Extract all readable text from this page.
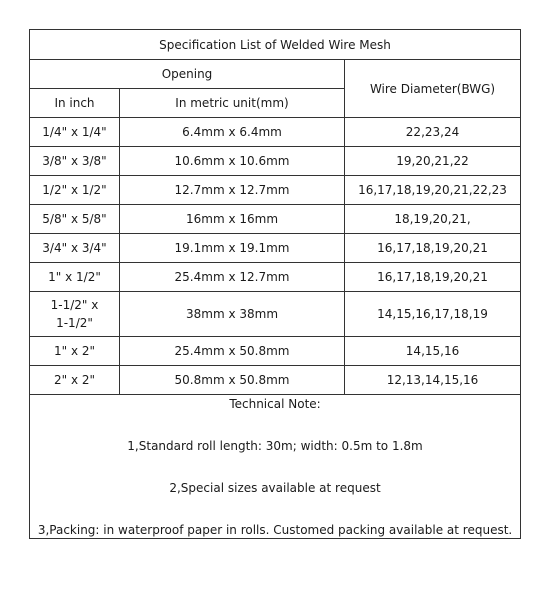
Specification List of Welded Wire Mesh		
Opening		Wire Diameter(BWG)
In inch	In metric unit(mm)	
1/4" x 1/4"	6.4mm x 6.4mm	22,23,24
3/8" x 3/8"	10.6mm x 10.6mm	19,20,21,22
1/2" x 1/2"	12.7mm x 12.7mm	16,17,18,19,20,21,22,23
5/8" x 5/8"	16mm x 16mm	18,19,20,21,
3/4" x 3/4"	19.1mm x 19.1mm	16,17,18,19,20,21
1" x 1/2"	25.4mm x 12.7mm	16,17,18,19,20,21

1-1/2" x
1-1/2"	38mm x 38mm	14,15,16,17,18,19
1" x 2"	25.4mm x 50.8mm	14,15,16
2" x 2"	50.8mm x 50.8mm	12,13,14,15,16

Technical Note:
1,Standard roll length: 30m; width: 0.5m to 1.8m
2,Special sizes available at request
3,Packing: in waterproof paper in rolls. Customed packing available at request.		
